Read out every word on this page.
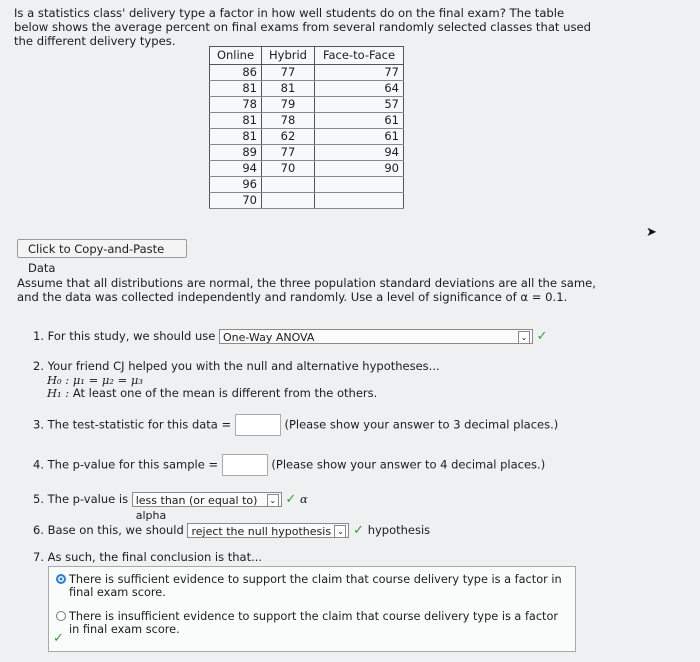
Is a statistics class' delivery type a factor in how well students do on the final exam? The table below shows the average percent on final exams from several randomly selected classes that used the different delivery types.
Online	Hybrid	Face-to-Face
86	77	77
81	81	64
78	79	57
81	78	61
81	62	61
89	77	94
94	70	90
96		
70		
Click to Copy-and-Paste Data
➤
Assume that all distributions are normal, the three population standard deviations are all the same, and the data was collected independently and randomly. Use a level of significance of α = 0.1.
1. For this study, we should use One-Way ANOVA	⌄ ✓
2. Your friend CJ helped you with the null and alternative hypotheses...
H₀ : μ₁ = μ₂ = μ₃
H₁ : At least one of the mean is different from the others.
3. The test-statistic for this data =	(Please show your answer to 3 decimal places.)
4. The p-value for this sample =	(Please show your answer to 4 decimal places.)
5. The p-value is less than (or equal to) alpha
⌄ ✓ α
6. Base on this, we should reject the null hypothesis ⌄ ✓ hypothesis
7. As such, the final conclusion is that...
There is sufficient evidence to support the claim that course delivery type is a factor in final exam score.
There is insufficient evidence to support the claim that course delivery type is a factor in final exam score.
✓
